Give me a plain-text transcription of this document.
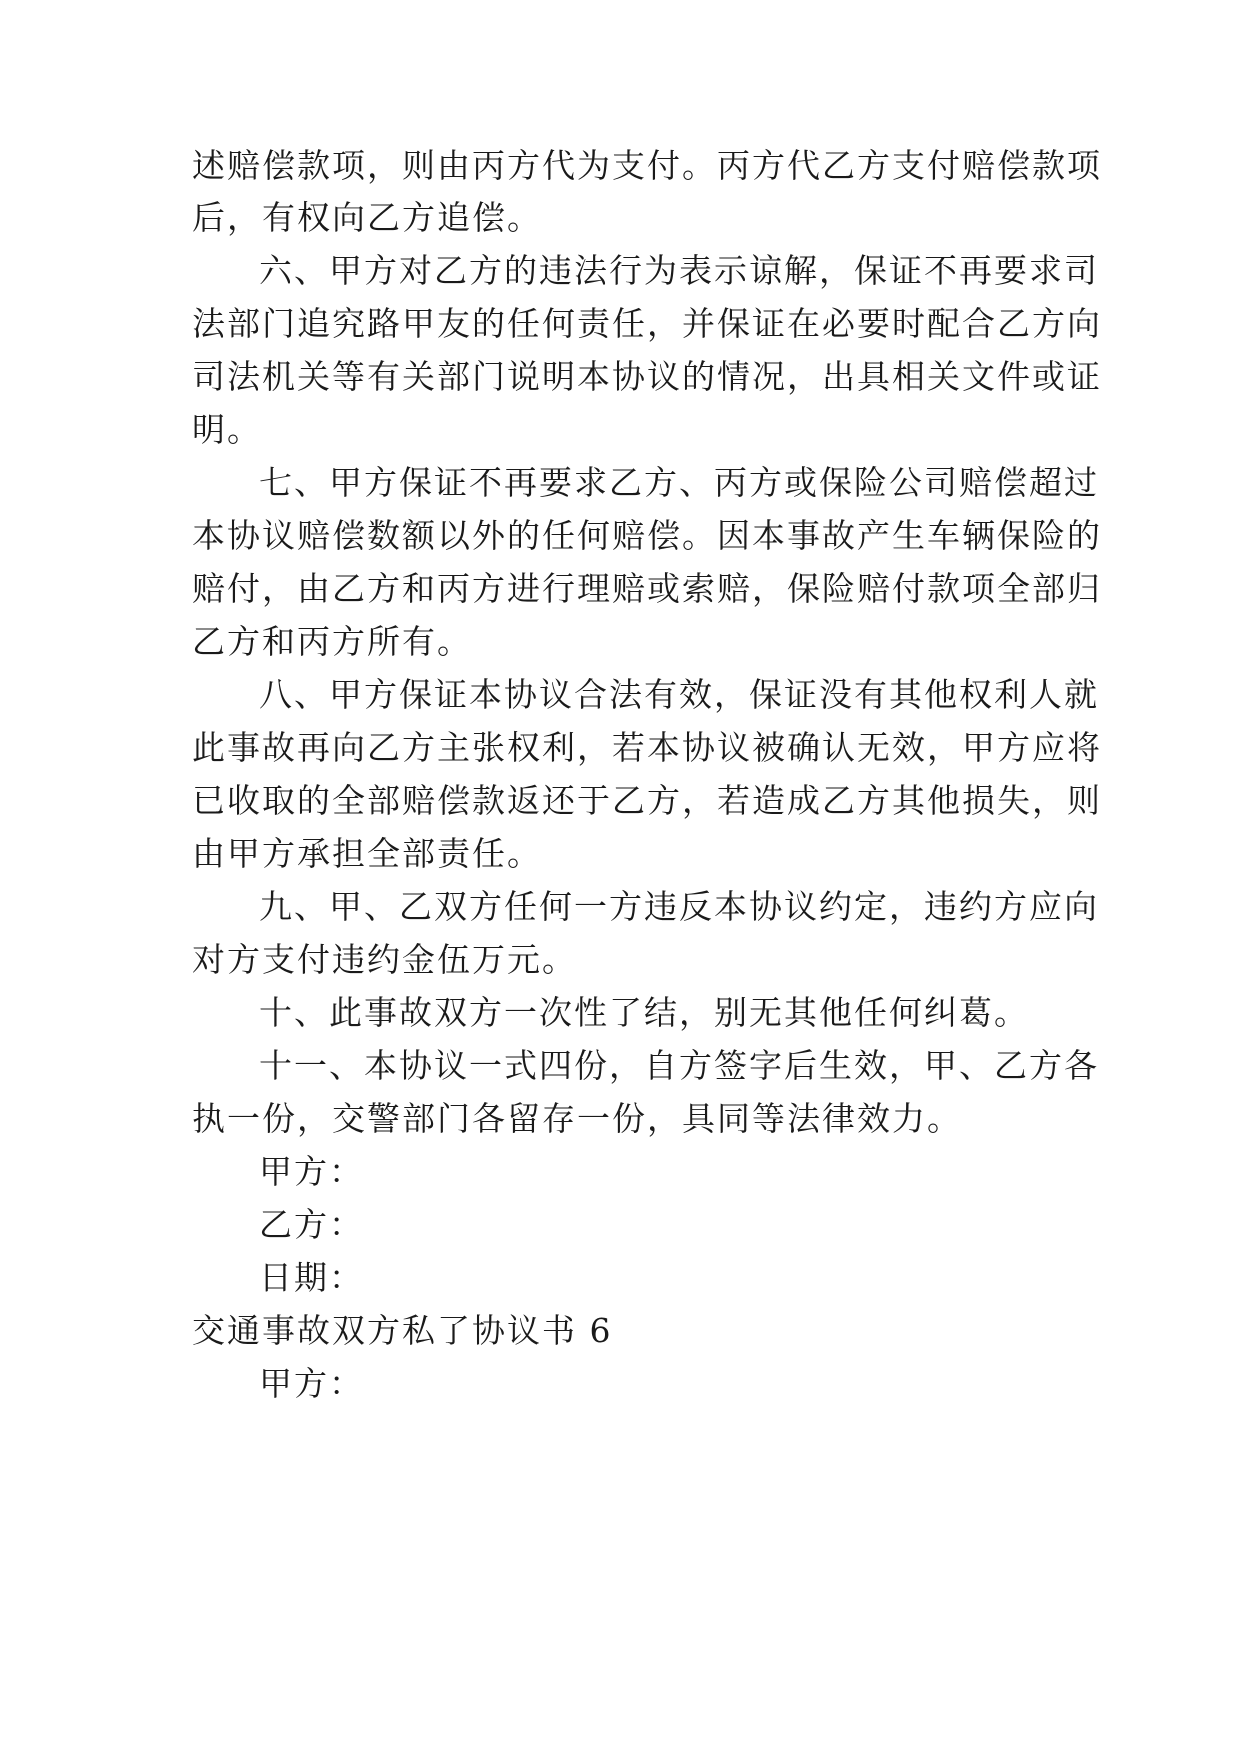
述赔偿款项，则由丙方代为支付。丙方代乙方支付赔偿款项
后，有权向乙方追偿。
六、甲方对乙方的违法行为表示谅解，保证不再要求司
法部门追究路甲友的任何责任，并保证在必要时配合乙方向
司法机关等有关部门说明本协议的情况，出具相关文件或证
明。
七、甲方保证不再要求乙方、丙方或保险公司赔偿超过
本协议赔偿数额以外的任何赔偿。因本事故产生车辆保险的
赔付，由乙方和丙方进行理赔或索赔，保险赔付款项全部归
乙方和丙方所有。
八、甲方保证本协议合法有效，保证没有其他权利人就
此事故再向乙方主张权利，若本协议被确认无效，甲方应将
已收取的全部赔偿款返还于乙方，若造成乙方其他损失，则
由甲方承担全部责任。
九、甲、乙双方任何一方违反本协议约定，违约方应向
对方支付违约金伍万元。
十、此事故双方一次性了结，别无其他任何纠葛。
十一、本协议一式四份，自方签字后生效，甲、乙方各
执一份，交警部门各留存一份，具同等法律效力。
甲方：
乙方：
日期：
交通事故双方私了协议书 6
甲方：
